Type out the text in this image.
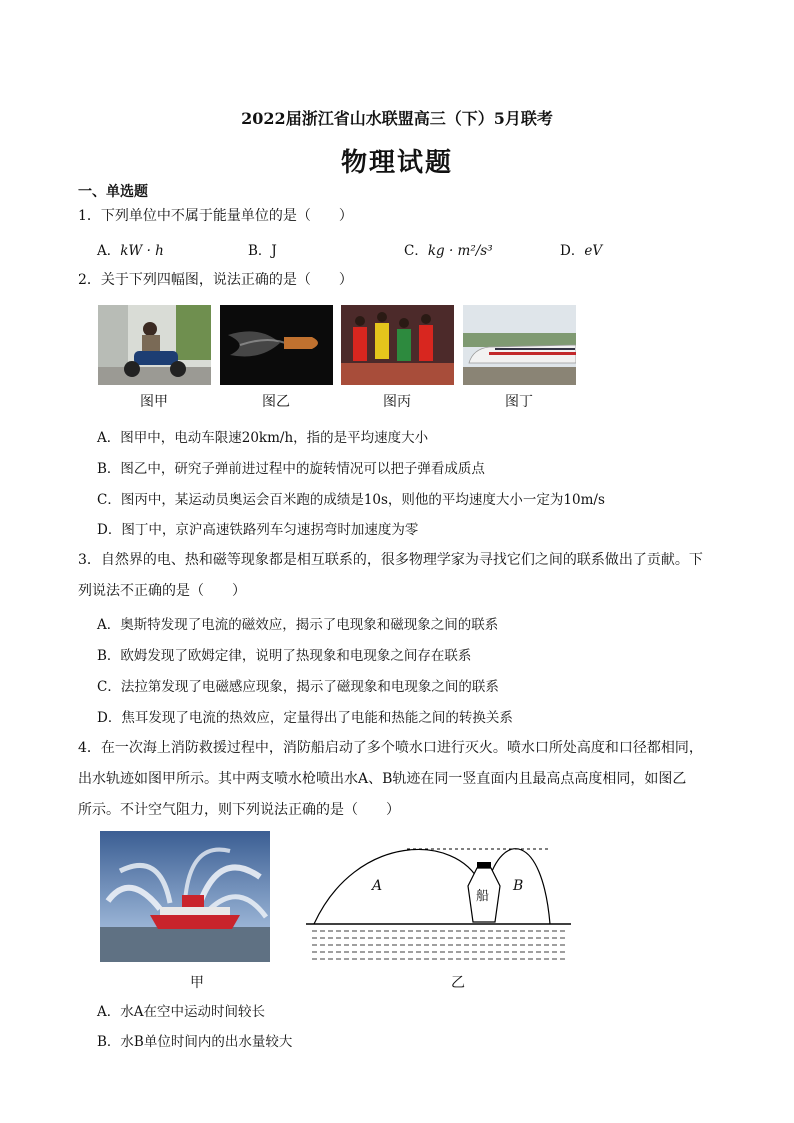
2022届浙江省山水联盟高三（下）5月联考
物理试题
一、单选题
1．下列单位中不属于能量单位的是（　　）
A．kW · h	B．J	C．kg · m²/s³	D．eV
2．关于下列四幅图，说法正确的是（　　）
图甲	图乙	图丙	图丁
A．图甲中，电动车限速20km/h，指的是平均速度大小
B．图乙中，研究子弹前进过程中的旋转情况可以把子弹看成质点
C．图丙中，某运动员奥运会百米跑的成绩是10s，则他的平均速度大小一定为10m/s
D．图丁中，京沪高速铁路列车匀速拐弯时加速度为零
3．自然界的电、热和磁等现象都是相互联系的，很多物理学家为寻找它们之间的联系做出了贡献。下
列说法不正确的是（　　）
A．奥斯特发现了电流的磁效应，揭示了电现象和磁现象之间的联系
B．欧姆发现了欧姆定律，说明了热现象和电现象之间存在联系
C．法拉第发现了电磁感应现象，揭示了磁现象和电现象之间的联系
D．焦耳发现了电流的热效应，定量得出了电能和热能之间的转换关系
4．在一次海上消防救援过程中，消防船启动了多个喷水口进行灭火。喷水口所处高度和口径都相同，
出水轨迹如图甲所示。其中两支喷水枪喷出水A、B轨迹在同一竖直面内且最高点高度相同，如图乙
所示。不计空气阻力，则下列说法正确的是（　　）
A	B
船
甲	乙
A．水A在空中运动时间较长
B．水B单位时间内的出水量较大
